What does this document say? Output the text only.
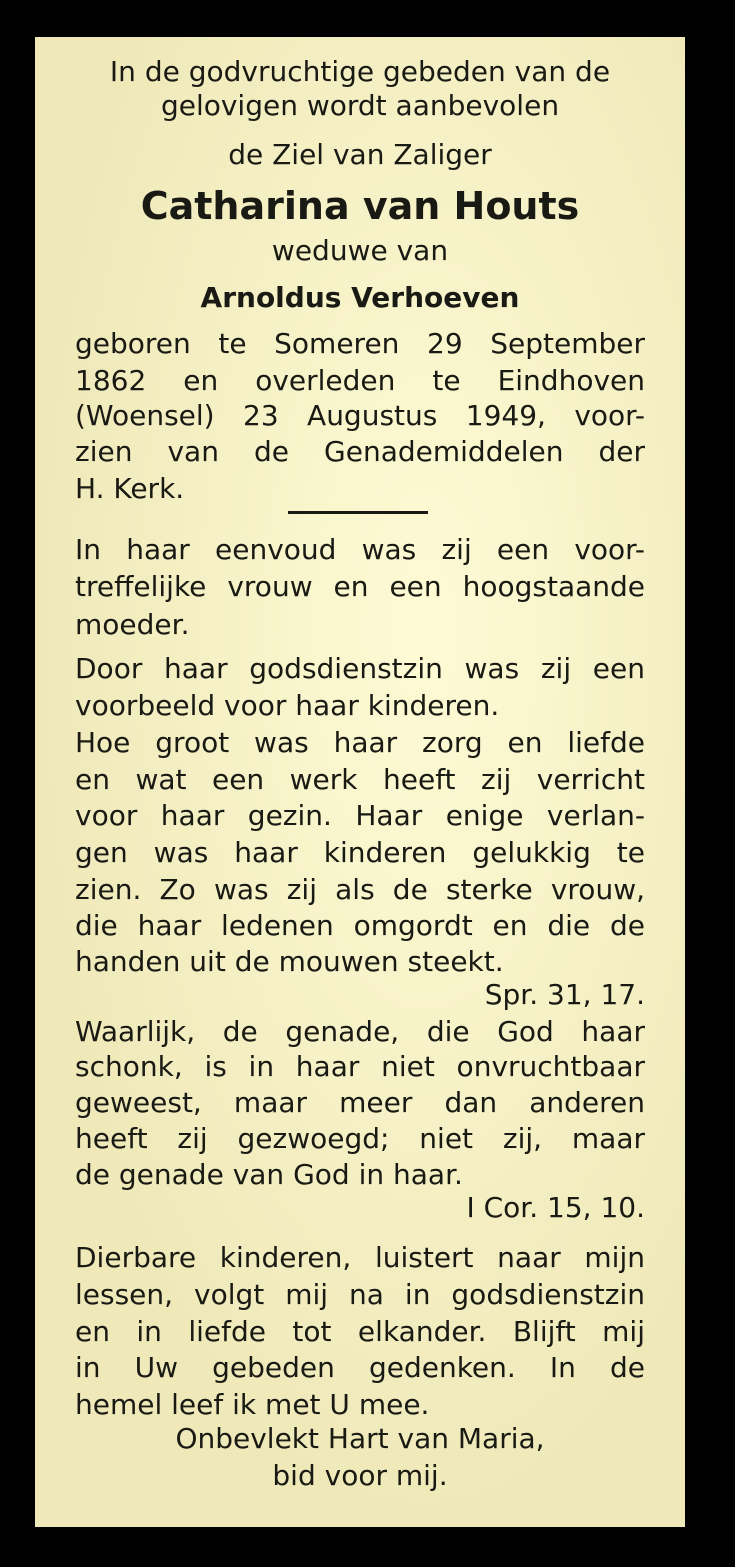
In de godvruchtige gebeden van de
gelovigen wordt aanbevolen
de Ziel van Zaliger
Catharina van Houts
weduwe van
Arnoldus Verhoeven
geboren te Someren 29 September
1862 en overleden te Eindhoven
(Woensel) 23 Augustus 1949, voor-
zien van de Genademiddelen der
H. Kerk.
In haar eenvoud was zij een voor-
treffelijke vrouw en een hoogstaande
moeder.
Door haar godsdienstzin was zij een
voorbeeld voor haar kinderen.
Hoe groot was haar zorg en liefde
en wat een werk heeft zij verricht
voor haar gezin. Haar enige verlan-
gen was haar kinderen gelukkig te
zien. Zo was zij als de sterke vrouw,
die haar ledenen omgordt en die de
handen uit de mouwen steekt.
Spr. 31, 17.
Waarlijk, de genade, die God haar
schonk, is in haar niet onvruchtbaar
geweest, maar meer dan anderen
heeft zij gezwoegd; niet zij, maar
de genade van God in haar.
I Cor. 15, 10.
Dierbare kinderen, luistert naar mijn
lessen, volgt mij na in godsdienstzin
en in liefde tot elkander. Blijft mij
in Uw gebeden gedenken. In de
hemel leef ik met U mee.
Onbevlekt Hart van Maria,
bid voor mij.
